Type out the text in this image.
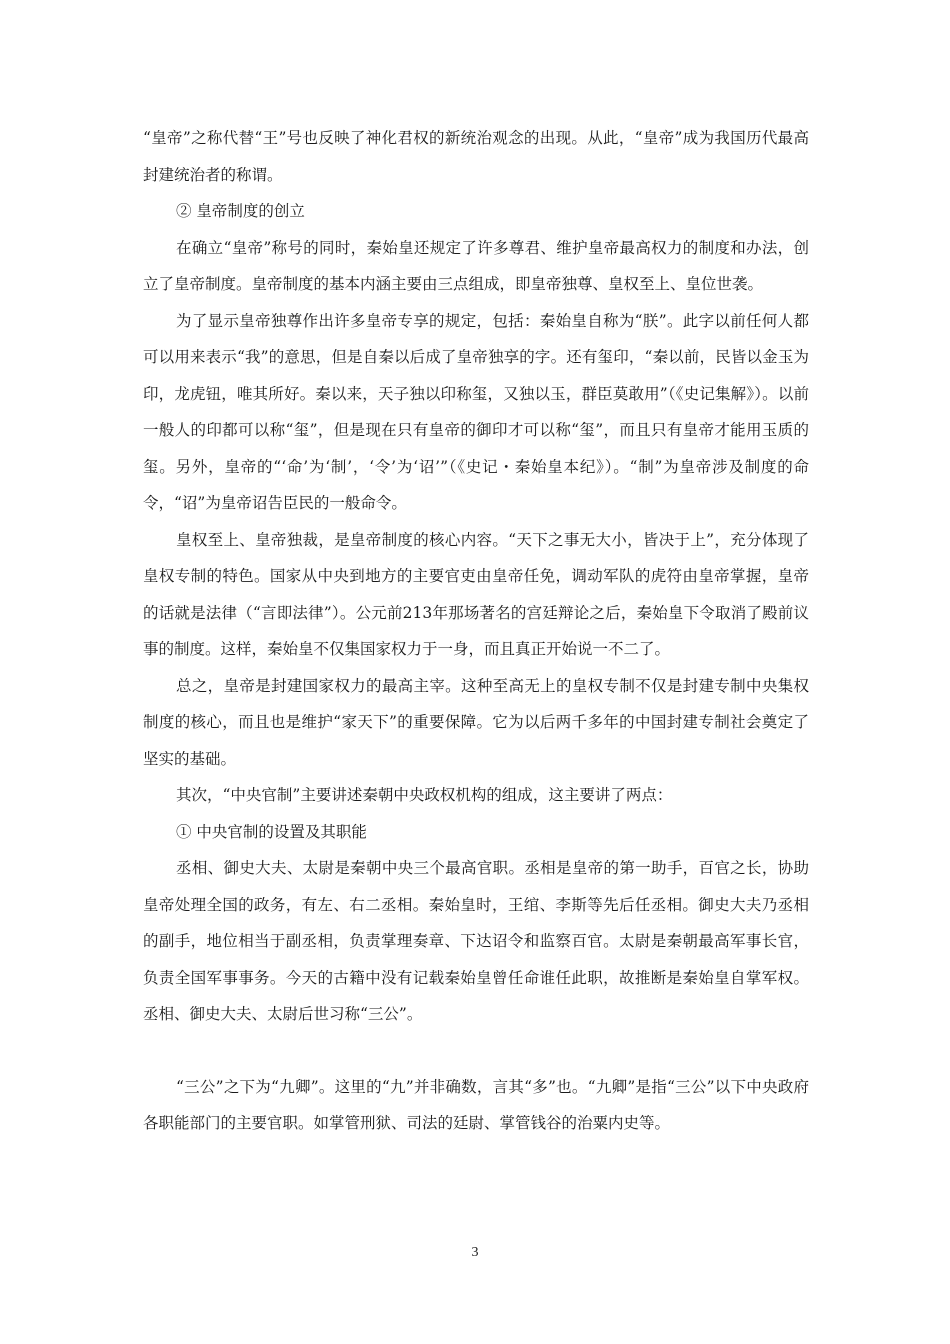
“皇帝”之称代替“王”号也反映了神化君权的新统治观念的出现。从此，“皇帝”成为我国历代最高封建统治者的称谓。

② 皇帝制度的创立

在确立“皇帝”称号的同时，秦始皇还规定了许多尊君、维护皇帝最高权力的制度和办法，创立了皇帝制度。皇帝制度的基本内涵主要由三点组成，即皇帝独尊、皇权至上、皇位世袭。

为了显示皇帝独尊作出许多皇帝专享的规定，包括：秦始皇自称为“朕”。此字以前任何人都可以用来表示“我”的意思，但是自秦以后成了皇帝独享的字。还有玺印，“秦以前，民皆以金玉为印，龙虎钮，唯其所好。秦以来，天子独以印称玺，又独以玉，群臣莫敢用”（《史记集解》）。以前一般人的印都可以称“玺”，但是现在只有皇帝的御印才可以称“玺”，而且只有皇帝才能用玉质的玺。另外，皇帝的“‘命’为‘制’，‘令’为‘诏’”（《史记・秦始皇本纪》）。“制”为皇帝涉及制度的命令，“诏”为皇帝诏告臣民的一般命令。

皇权至上、皇帝独裁，是皇帝制度的核心内容。“天下之事无大小，皆决于上”，充分体现了皇权专制的特色。国家从中央到地方的主要官吏由皇帝任免，调动军队的虎符由皇帝掌握，皇帝的话就是法律（“言即法律”）。公元前213年那场著名的宫廷辩论之后，秦始皇下令取消了殿前议事的制度。这样，秦始皇不仅集国家权力于一身，而且真正开始说一不二了。

总之，皇帝是封建国家权力的最高主宰。这种至高无上的皇权专制不仅是封建专制中央集权制度的核心，而且也是维护“家天下”的重要保障。它为以后两千多年的中国封建专制社会奠定了坚实的基础。

其次，“中央官制”主要讲述秦朝中央政权机构的组成，这主要讲了两点：

① 中央官制的设置及其职能

丞相、御史大夫、太尉是秦朝中央三个最高官职。丞相是皇帝的第一助手，百官之长，协助皇帝处理全国的政务，有左、右二丞相。秦始皇时，王绾、李斯等先后任丞相。御史大夫乃丞相的副手，地位相当于副丞相，负责掌理奏章、下达诏令和监察百官。太尉是秦朝最高军事长官，负责全国军事事务。今天的古籍中没有记载秦始皇曾任命谁任此职，故推断是秦始皇自掌军权。丞相、御史大夫、太尉后世习称“三公”。

“三公”之下为“九卿”。这里的“九”并非确数，言其“多”也。“九卿”是指“三公”以下中央政府各职能部门的主要官职。如掌管刑狱、司法的廷尉、掌管钱谷的治粟内史等。

3
